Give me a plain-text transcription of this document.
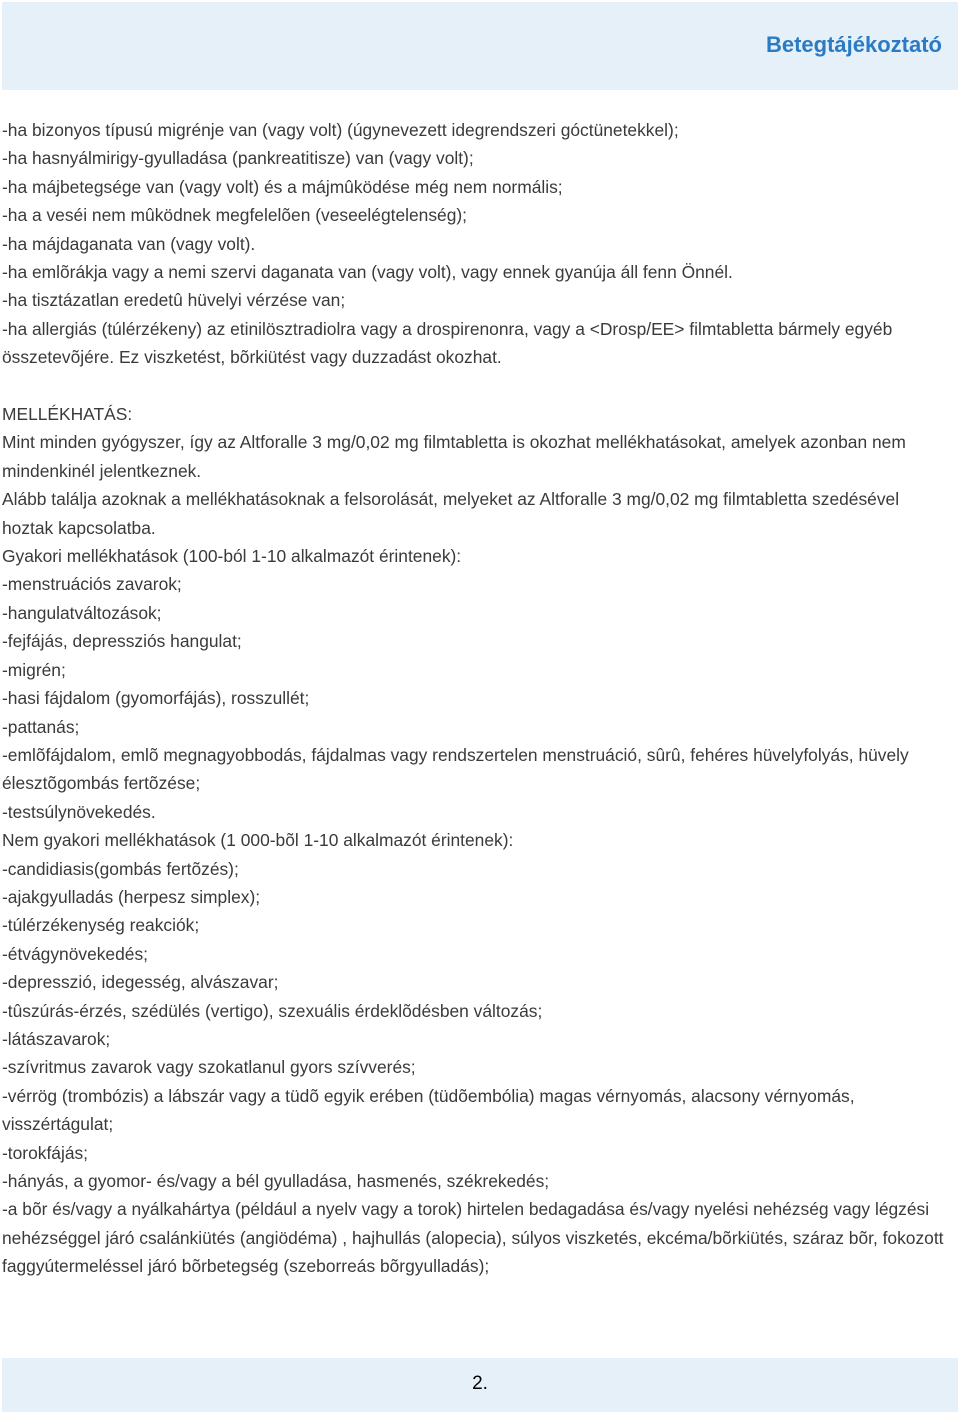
Betegtájékoztató

-ha bizonyos típusú migrénje van (vagy volt) (úgynevezett idegrendszeri góctünetekkel);

-ha hasnyálmirigy-gyulladása (pankreatitisze) van (vagy volt);

-ha májbetegsége van (vagy volt) és a májmûködése még nem normális;

-ha a veséi nem mûködnek megfelelõen (veseelégtelenség);

-ha májdaganata van (vagy volt).

-ha emlõrákja vagy a nemi szervi daganata van (vagy volt), vagy ennek gyanúja áll fenn Önnél.

-ha tisztázatlan eredetû hüvelyi vérzése van;

-ha allergiás (túlérzékeny) az etinilösztradiolra vagy a drospirenonra, vagy a <Drosp/EE> filmtabletta bármely egyéb összetevõjére. Ez viszketést, bõrkiütést vagy duzzadást okozhat.

MELLÉKHATÁS:

Mint minden gyógyszer, így az Altforalle 3 mg/0,02 mg filmtabletta is okozhat mellékhatásokat, amelyek azonban nem mindenkinél jelentkeznek.

Alább találja azoknak a mellékhatásoknak a felsorolását, melyeket az Altforalle 3 mg/0,02 mg filmtabletta szedésével hoztak kapcsolatba.

Gyakori mellékhatások (100-ból 1-10 alkalmazót érintenek):

-menstruációs zavarok;

-hangulatváltozások;

-fejfájás, depressziós hangulat;

-migrén;

-hasi fájdalom (gyomorfájás), rosszullét;

-pattanás;

-emlõfájdalom, emlõ megnagyobbodás, fájdalmas vagy rendszertelen menstruáció, sûrû, fehéres hüvelyfolyás, hüvely élesztõgombás fertõzése;

-testsúlynövekedés.

Nem gyakori mellékhatások (1 000-bõl 1-10 alkalmazót érintenek):

-candidiasis(gombás fertõzés);

-ajakgyulladás (herpesz simplex);

-túlérzékenység reakciók;

-étvágynövekedés;

-depresszió, idegesség, alvászavar;

-tûszúrás-érzés, szédülés (vertigo), szexuális érdeklõdésben változás;

-látászavarok;

-szívritmus zavarok vagy szokatlanul gyors szívverés;

-vérrög (trombózis) a lábszár vagy a tüdõ egyik erében (tüdõembólia) magas vérnyomás, alacsony vérnyomás, visszértágulat;

-torokfájás;

-hányás, a gyomor- és/vagy a bél gyulladása, hasmenés, székrekedés;

-a bõr és/vagy a nyálkahártya (például a nyelv vagy a torok) hirtelen bedagadása és/vagy nyelési nehézség vagy légzési nehézséggel járó csalánkiütés (angiödéma) , hajhullás (alopecia), súlyos viszketés, ekcéma/bõrkiütés, száraz bõr, fokozott faggyútermeléssel járó bõrbetegség (szeborreás bõrgyulladás);

2.
